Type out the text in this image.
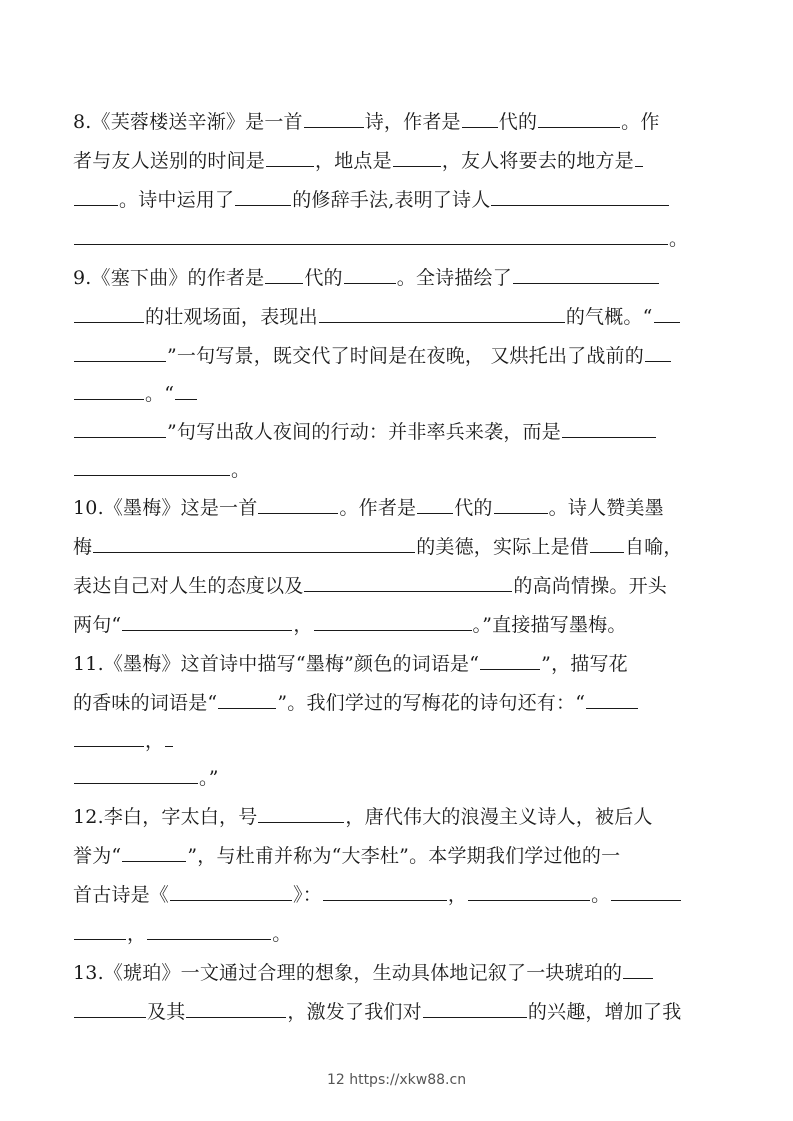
8.《芙蓉楼送辛渐》是一首	诗，作者是 代的	。作
者与友人送别的时间是	，地点是	，友人将要去的地方是
。诗中运用了	的修辞手法,表明了诗人
。
9.《塞下曲》的作者是 代的	。全诗描绘了
的壮观场面，表现出	的气概。“
”一句写景，既交代了时间是在夜晚， 又烘托出了战前的
。“
”句写出敌人夜间的行动：并非率兵来袭，而是
。
10.《墨梅》这是一首	。作者是 代的	。诗人赞美墨
梅	的美德，实际上是借 自喻，
表达自己对人生的态度以及	的高尚情操。开头
两句“	，	。”直接描写墨梅。
11.《墨梅》这首诗中描写“墨梅”颜色的词语是“	”，描写花
的香味的词语是“	”。我们学过的写梅花的诗句还有：“
，
。”
12.李白，字太白，号	，唐代伟大的浪漫主义诗人，被后人
誉为“	”，与杜甫并称为“大李杜”。本学期我们学过他的一
首古诗是《	》：	，	。
，	。
13.《琥珀》一文通过合理的想象，生动具体地记叙了一块琥珀的
及其	，激发了我们对	的兴趣，增加了我
12 https://xkw88.cn
